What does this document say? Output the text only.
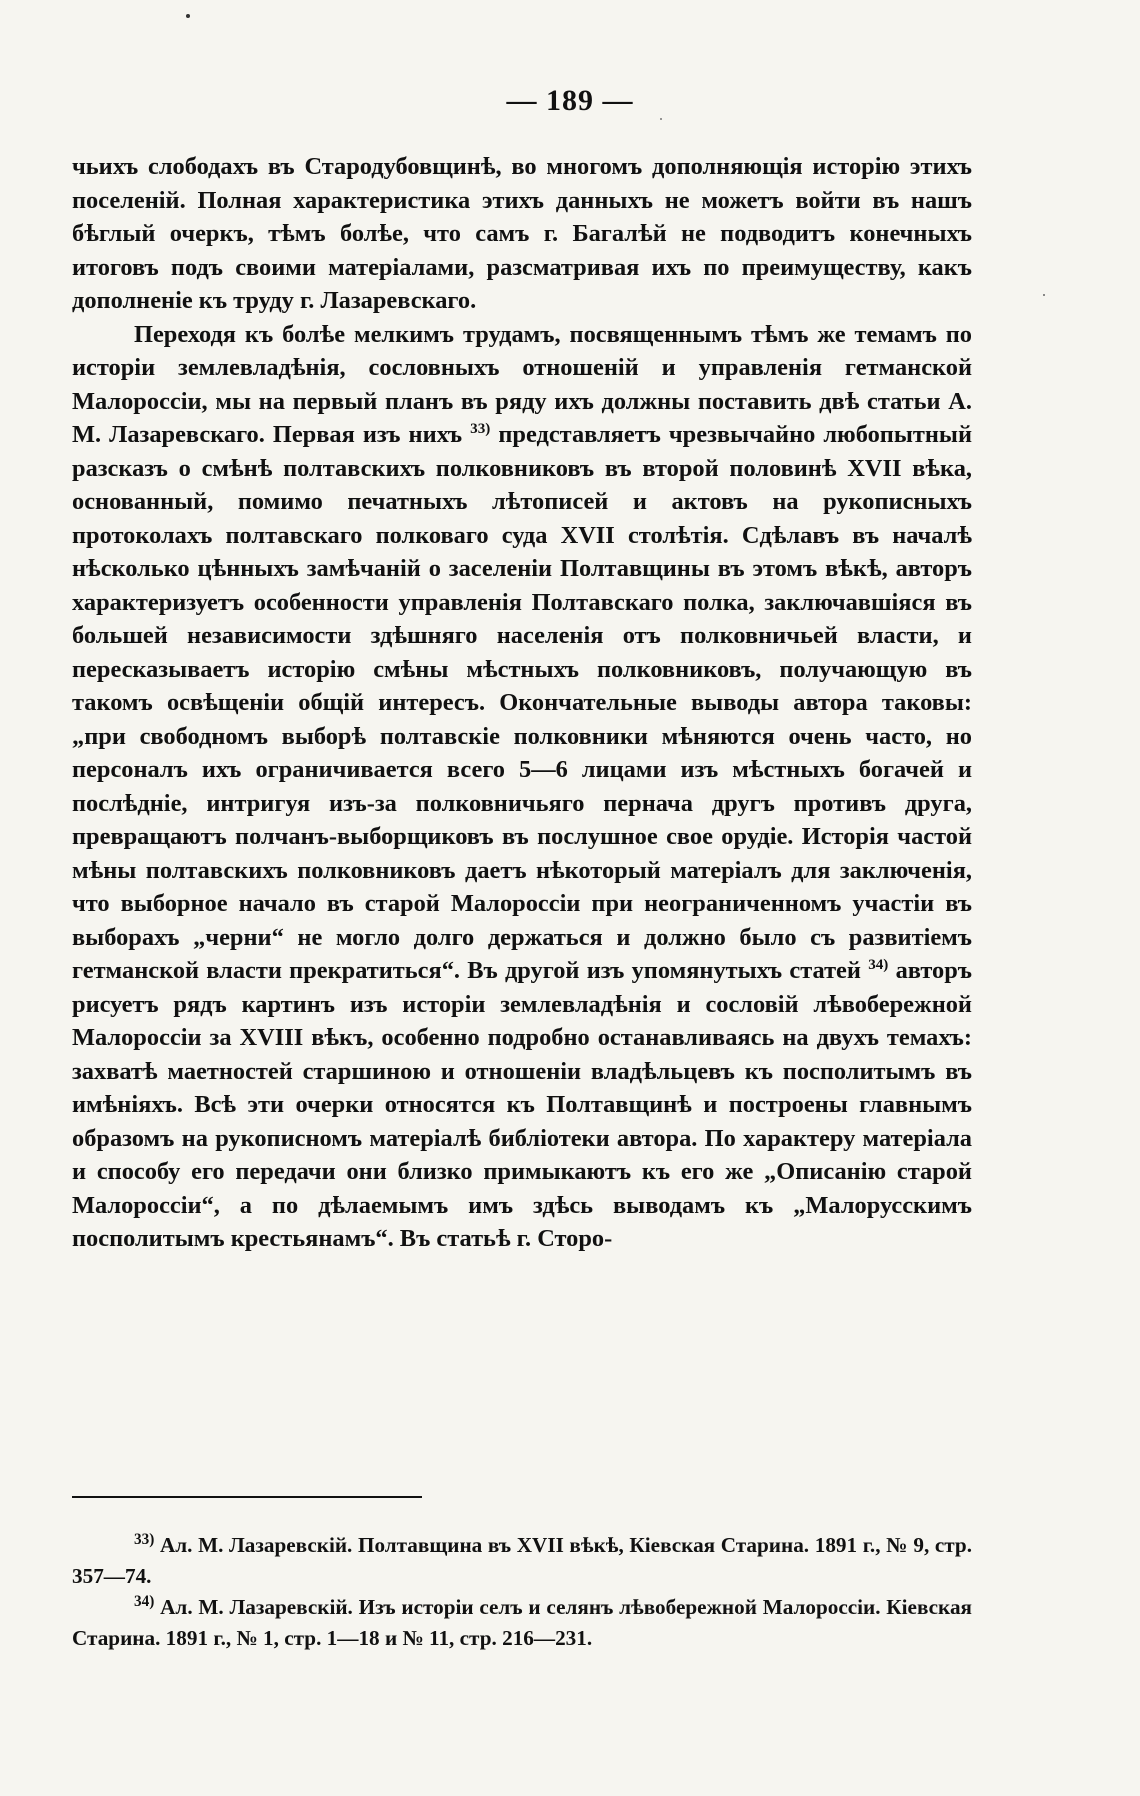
— 189 —

чьихъ слободахъ въ Стародубовщинѣ, во многомъ дополняющія исторію этихъ поселеній. Полная характеристика этихъ данныхъ не можетъ войти въ нашъ бѣглый очеркъ, тѣмъ болѣе, что самъ г. Багалѣй не подводитъ конечныхъ итоговъ подъ своими матеріалами, разсматривая ихъ по преимуществу, какъ дополненіе къ труду г. Лазаревскаго.

Переходя къ болѣе мелкимъ трудамъ, посвященнымъ тѣмъ же темамъ по исторіи землевладѣнія, сословныхъ отношеній и управленія гетманской Малороссіи, мы на первый планъ въ ряду ихъ должны поставить двѣ статьи А. М. Лазаревскаго. Первая изъ нихъ $^{33)}$ представляетъ чрезвычайно любопытный разсказъ о смѣнѣ полтавскихъ полковниковъ въ второй половинѣ XVII вѣка, основанный, помимо печатныхъ лѣтописей и актовъ на рукописныхъ протоколахъ полтавскаго полковаго суда XVII столѣтія. Сдѣлавъ въ началѣ нѣсколько цѣнныхъ замѣчаній о заселеніи Полтавщины въ этомъ вѣкѣ, авторъ характеризуетъ особенности управленія Полтавскаго полка, заключавшіяся въ большей независимости здѣшняго населенія отъ полковничьей власти, и пересказываетъ исторію смѣны мѣстныхъ полковниковъ, получающую въ такомъ освѣщеніи общій интересъ. Окончательные выводы автора таковы: „при свободномъ выборѣ полтавскіе полковники мѣняются очень часто, но персоналъ ихъ ограничивается всего 5—6 лицами изъ мѣстныхъ богачей и послѣдніе, интригуя изъ-за полковничьяго пернача другъ противъ друга, превращаютъ полчанъ-выборщиковъ въ послушное свое орудіе. Исторія частой мѣны полтавскихъ полковниковъ даетъ нѣкоторый матеріалъ для заключенія, что выборное начало въ старой Малороссіи при неограниченномъ участіи въ выборахъ „черни“ не могло долго держаться и должно было съ развитіемъ гетманской власти прекратиться“. Въ другой изъ упомянутыхъ статей $^{34)}$ авторъ рисуетъ рядъ картинъ изъ исторіи землевладѣнія и сословій лѣвобережной Малороссіи за XVIII вѣкъ, особенно подробно останавливаясь на двухъ темахъ: захватѣ маетностей старшиною и отношеніи владѣльцевъ къ посполитымъ въ имѣніяхъ. Всѣ эти очерки относятся къ Полтавщинѣ и построены главнымъ образомъ на рукописномъ матеріалѣ библіотеки автора. По характеру матеріала и способу его передачи они близко примыкаютъ къ его же „Описанію старой Малороссіи“, а по дѣлаемымъ имъ здѣсь выводамъ къ „Малорусскимъ посполитымъ крестьянамъ“. Въ статьѣ г. Сторо-

$^{33)}$ Ал. М. Лазаревскій. Полтавщина въ XVII вѣкѣ, Кіевская Старина. 1891 г., № 9, стр. 357—74.

$^{34)}$ Ал. М. Лазаревскій. Изъ исторіи селъ и селянъ лѣвобережной Малороссіи. Кіевская Старина. 1891 г., № 1, стр. 1—18 и № 11, стр. 216—231.
